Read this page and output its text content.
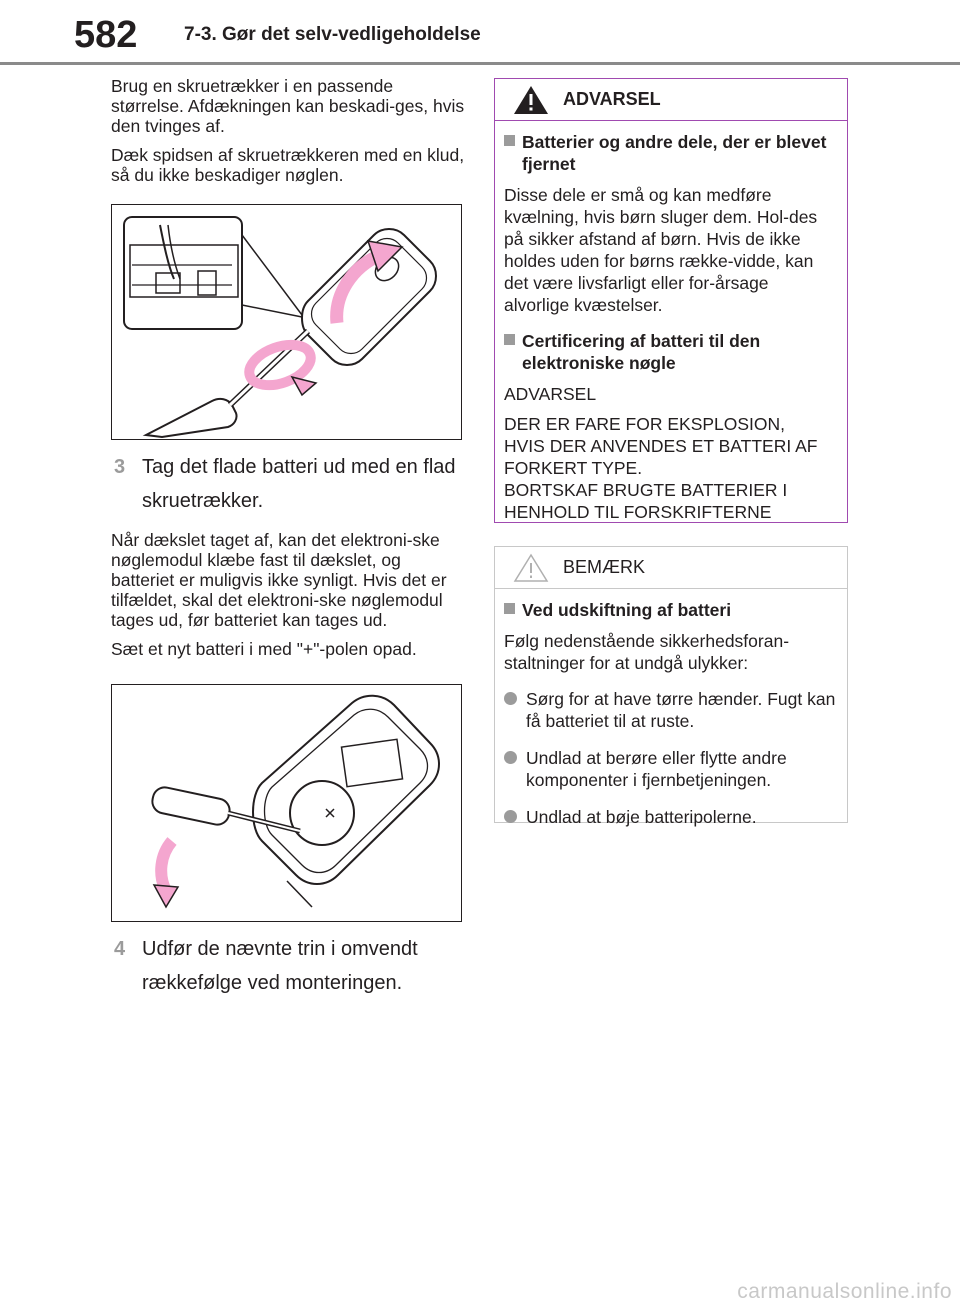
582 7-3. Gør det selv-vedligeholdelse

Brug en skruetrækker i en passende størrelse. Afdækningen kan beskadi-ges, hvis den tvinges af.

Dæk spidsen af skruetrækkeren med en klud, så du ikke beskadiger nøglen.

3 Tag det flade batteri ud med en flad skruetrækker.

Når dækslet taget af, kan det elektroni-ske nøglemodul klæbe fast til dækslet, og batteriet er muligvis ikke synligt. Hvis det er tilfældet, skal det elektroni-ske nøglemodul tages ud, før batteriet kan tages ud.

Sæt et nyt batteri i med "+"-polen opad.

4 Udfør de nævnte trin i omvendt rækkefølge ved monteringen.
ADVARSEL
Batterier og andre dele, der er blevet fjernet
Disse dele er små og kan medføre kvælning, hvis børn sluger dem. Hol-des på sikker afstand af børn. Hvis de ikke holdes uden for børns række-vidde, kan det være livsfarligt eller for-årsage alvorlige kvæstelser.
Certificering af batteri til den elektroniske nøgle
ADVARSEL
DER ER FARE FOR EKSPLOSION,
HVIS DER ANVENDES ET BATTERI AF FORKERT TYPE.
BORTSKAF BRUGTE BATTERIER I HENHOLD TIL FORSKRIFTERNE
BEMÆRK
Ved udskiftning af batteri
Følg nedenstående sikkerhedsforan-staltninger for at undgå ulykker:
Sørg for at have tørre hænder. Fugt kan få batteriet til at ruste.
Undlad at berøre eller flytte andre komponenter i fjernbetjeningen.
Undlad at bøje batteripolerne.
carmanualsonline.info
